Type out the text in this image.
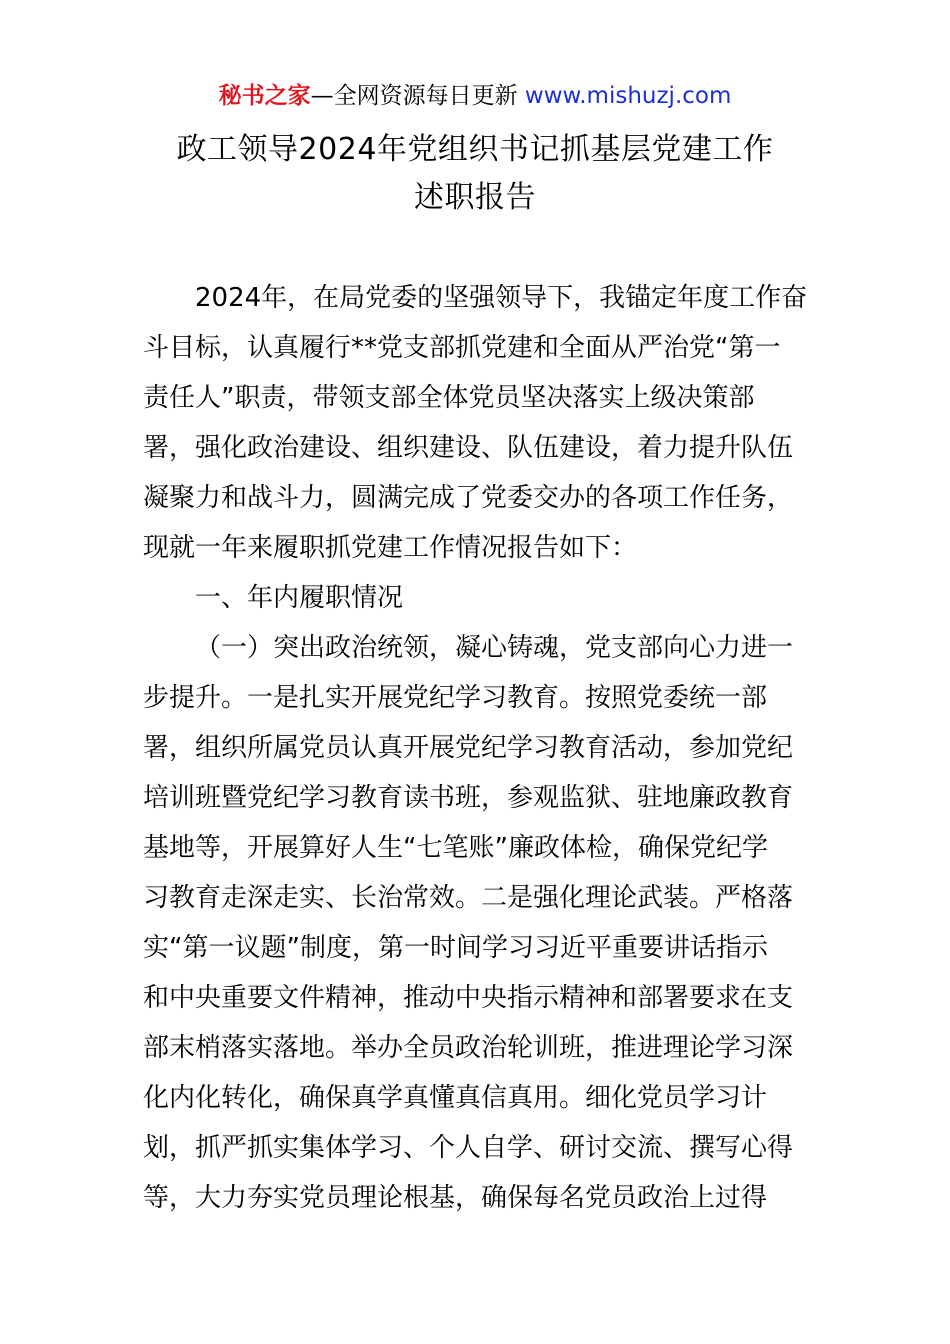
秘书之家—全网资源每日更新 www.mishuzj.com
政工领导2024年党组织书记抓基层党建工作
述职报告
2024年，在局党委的坚强领导下，我锚定年度工作奋
斗目标，认真履行**党支部抓党建和全面从严治党“第一
责任人”职责，带领支部全体党员坚决落实上级决策部
署，强化政治建设、组织建设、队伍建设，着力提升队伍
凝聚力和战斗力，圆满完成了党委交办的各项工作任务，
现就一年来履职抓党建工作情况报告如下：
一、年内履职情况
（一）突出政治统领，凝心铸魂，党支部向心力进一
步提升。一是扎实开展党纪学习教育。按照党委统一部
署，组织所属党员认真开展党纪学习教育活动，参加党纪
培训班暨党纪学习教育读书班，参观监狱、驻地廉政教育
基地等，开展算好人生“七笔账”廉政体检，确保党纪学
习教育走深走实、长治常效。二是强化理论武装。严格落
实“第一议题”制度，第一时间学习习近平重要讲话指示
和中央重要文件精神，推动中央指示精神和部署要求在支
部末梢落实落地。举办全员政治轮训班，推进理论学习深
化内化转化，确保真学真懂真信真用。细化党员学习计
划，抓严抓实集体学习、个人自学、研讨交流、撰写心得
等，大力夯实党员理论根基，确保每名党员政治上过得
